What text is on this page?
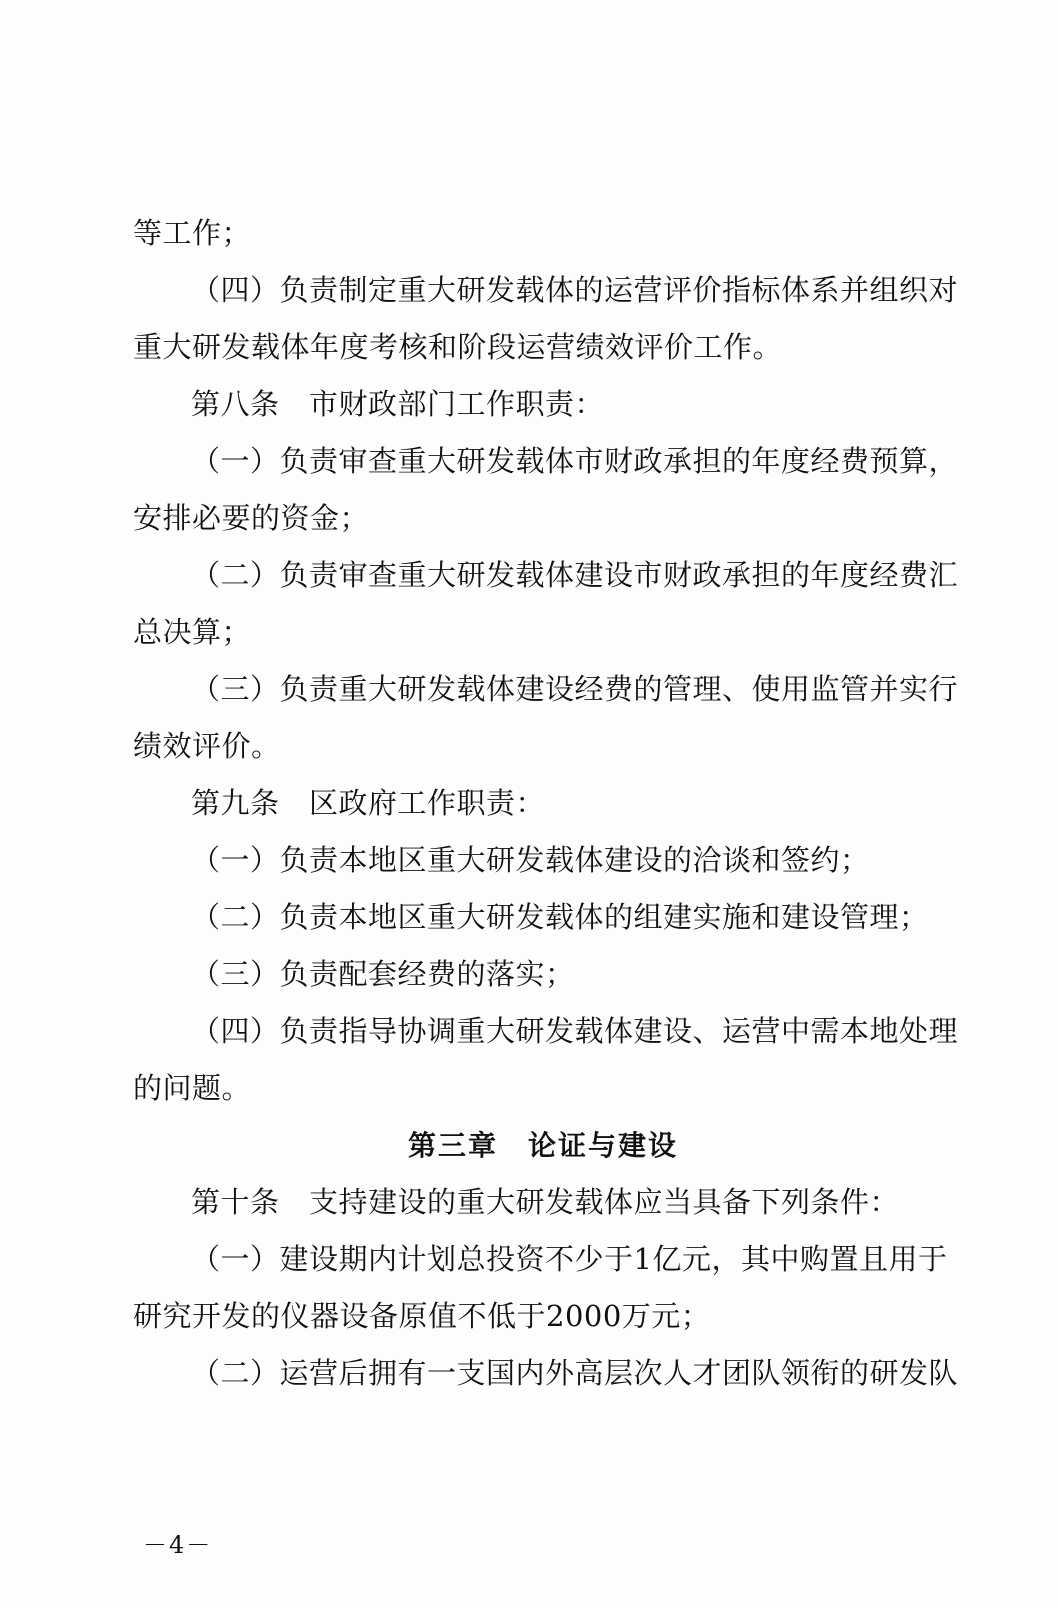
等工作；
（四）负责制定重大研发载体的运营评价指标体系并组织对
重大研发载体年度考核和阶段运营绩效评价工作。
第八条　市财政部门工作职责：
（一）负责审查重大研发载体市财政承担的年度经费预算，
安排必要的资金；
（二）负责审查重大研发载体建设市财政承担的年度经费汇
总决算；
（三）负责重大研发载体建设经费的管理、使用监管并实行
绩效评价。
第九条　区政府工作职责：
（一）负责本地区重大研发载体建设的洽谈和签约；
（二）负责本地区重大研发载体的组建实施和建设管理；
（三）负责配套经费的落实；
（四）负责指导协调重大研发载体建设、运营中需本地处理
的问题。
第三章　论证与建设
第十条　支持建设的重大研发载体应当具备下列条件：
（一）建设期内计划总投资不少于1亿元，其中购置且用于
研究开发的仪器设备原值不低于2000万元；
（二）运营后拥有一支国内外高层次人才团队领衔的研发队
－4－
